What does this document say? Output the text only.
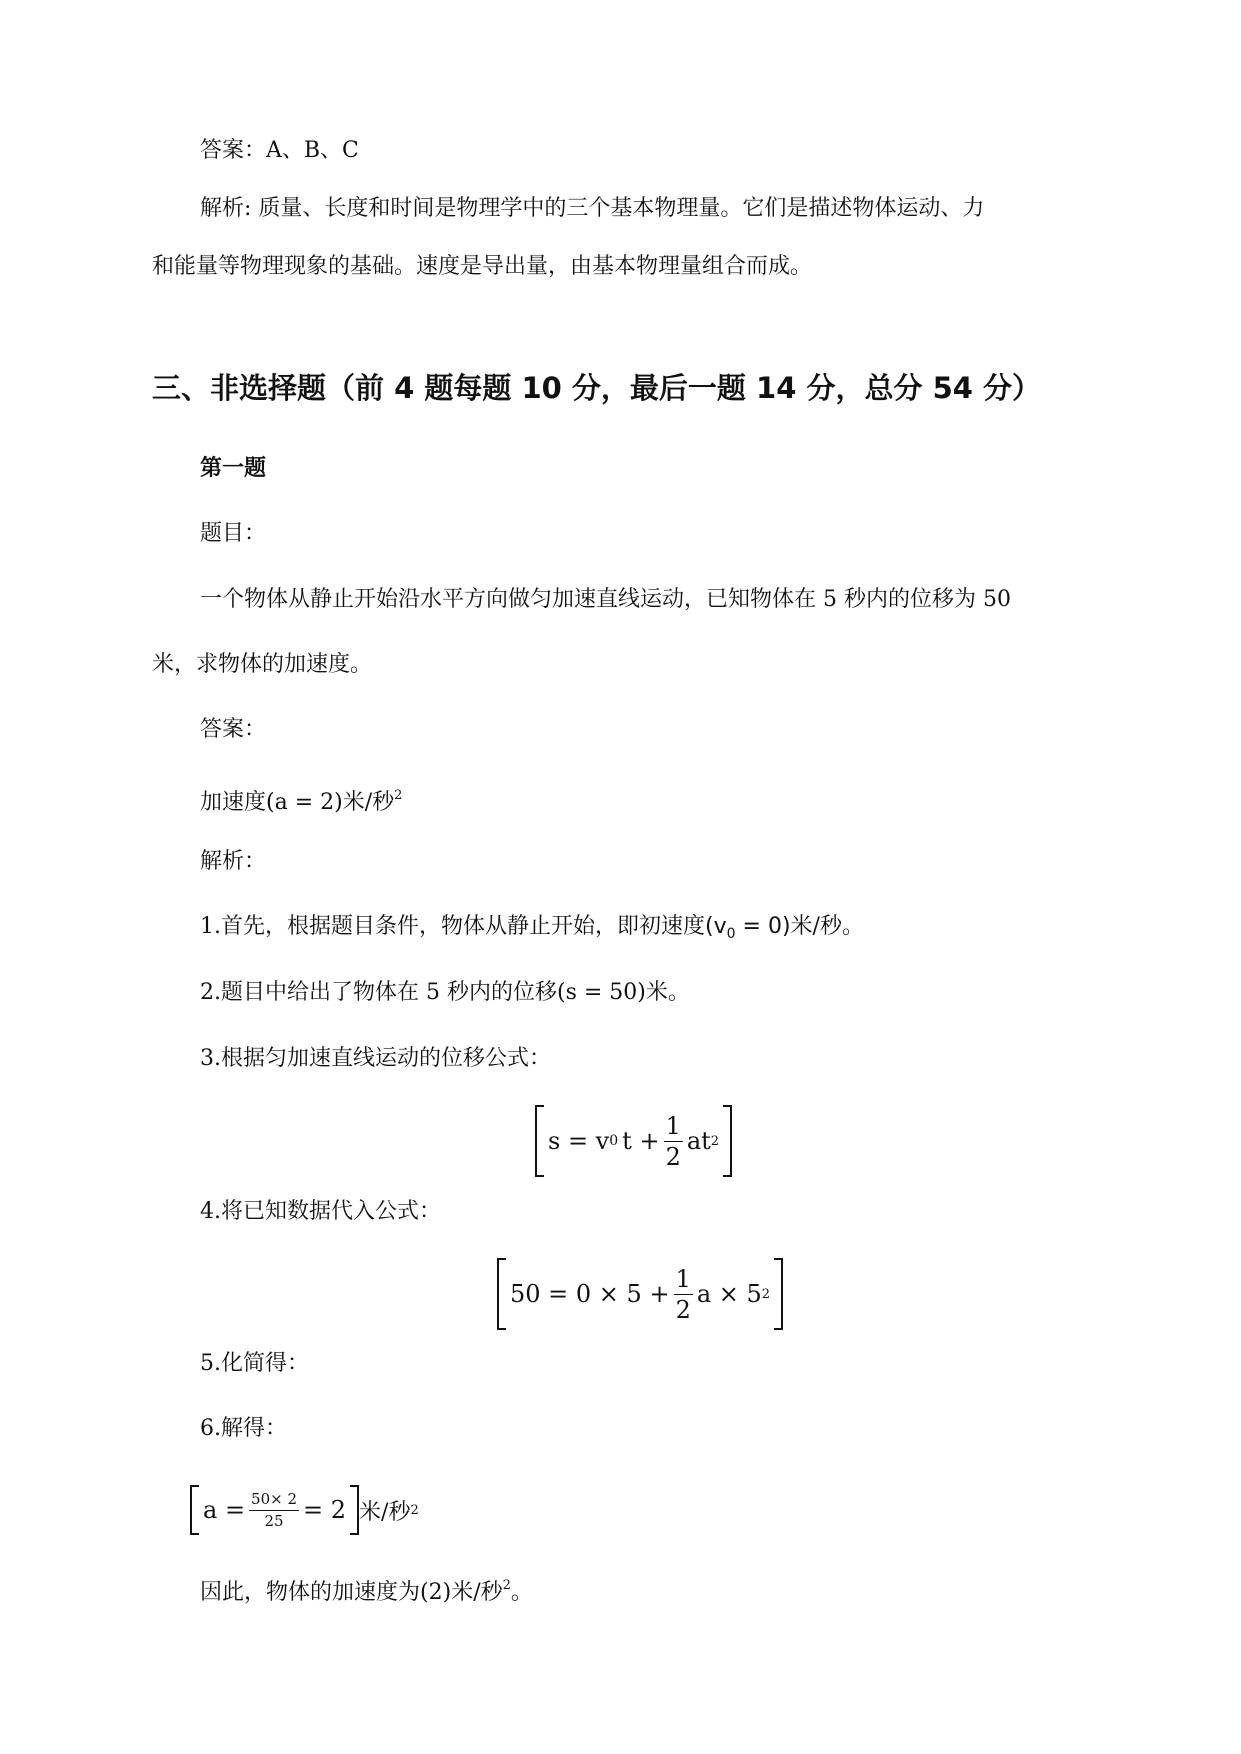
答案：A、B、C
解析: 质量、长度和时间是物理学中的三个基本物理量。它们是描述物体运动、力
和能量等物理现象的基础。速度是导出量，由基本物理量组合而成。
三、非选择题（前 4 题每题 10 分，最后一题 14 分，总分 54 分）
第一题
题目：
一个物体从静止开始沿水平方向做匀加速直线运动，已知物体在 5 秒内的位移为 50
米，求物体的加速度。
答案：
加速度(a = 2)米/秒$^2$
解析：
1.首先，根据题目条件，物体从静止开始，即初速度$(v_0 = 0)$米/秒。
2.题目中给出了物体在 5 秒内的位移(s = 50)米。
3.根据匀加速直线运动的位移公式：
s = v 0 $t + \frac{1}{2}$ at 2
4.将已知数据代入公式：
$50 = 0 \times 5 + \frac{1}{2}$ a × 5 2
5.化简得：
6.解得：
$a = \frac{50\times 2}{25} = 2$ 米/秒 2
因此，物体的加速度为(2)米/秒$^2$。
